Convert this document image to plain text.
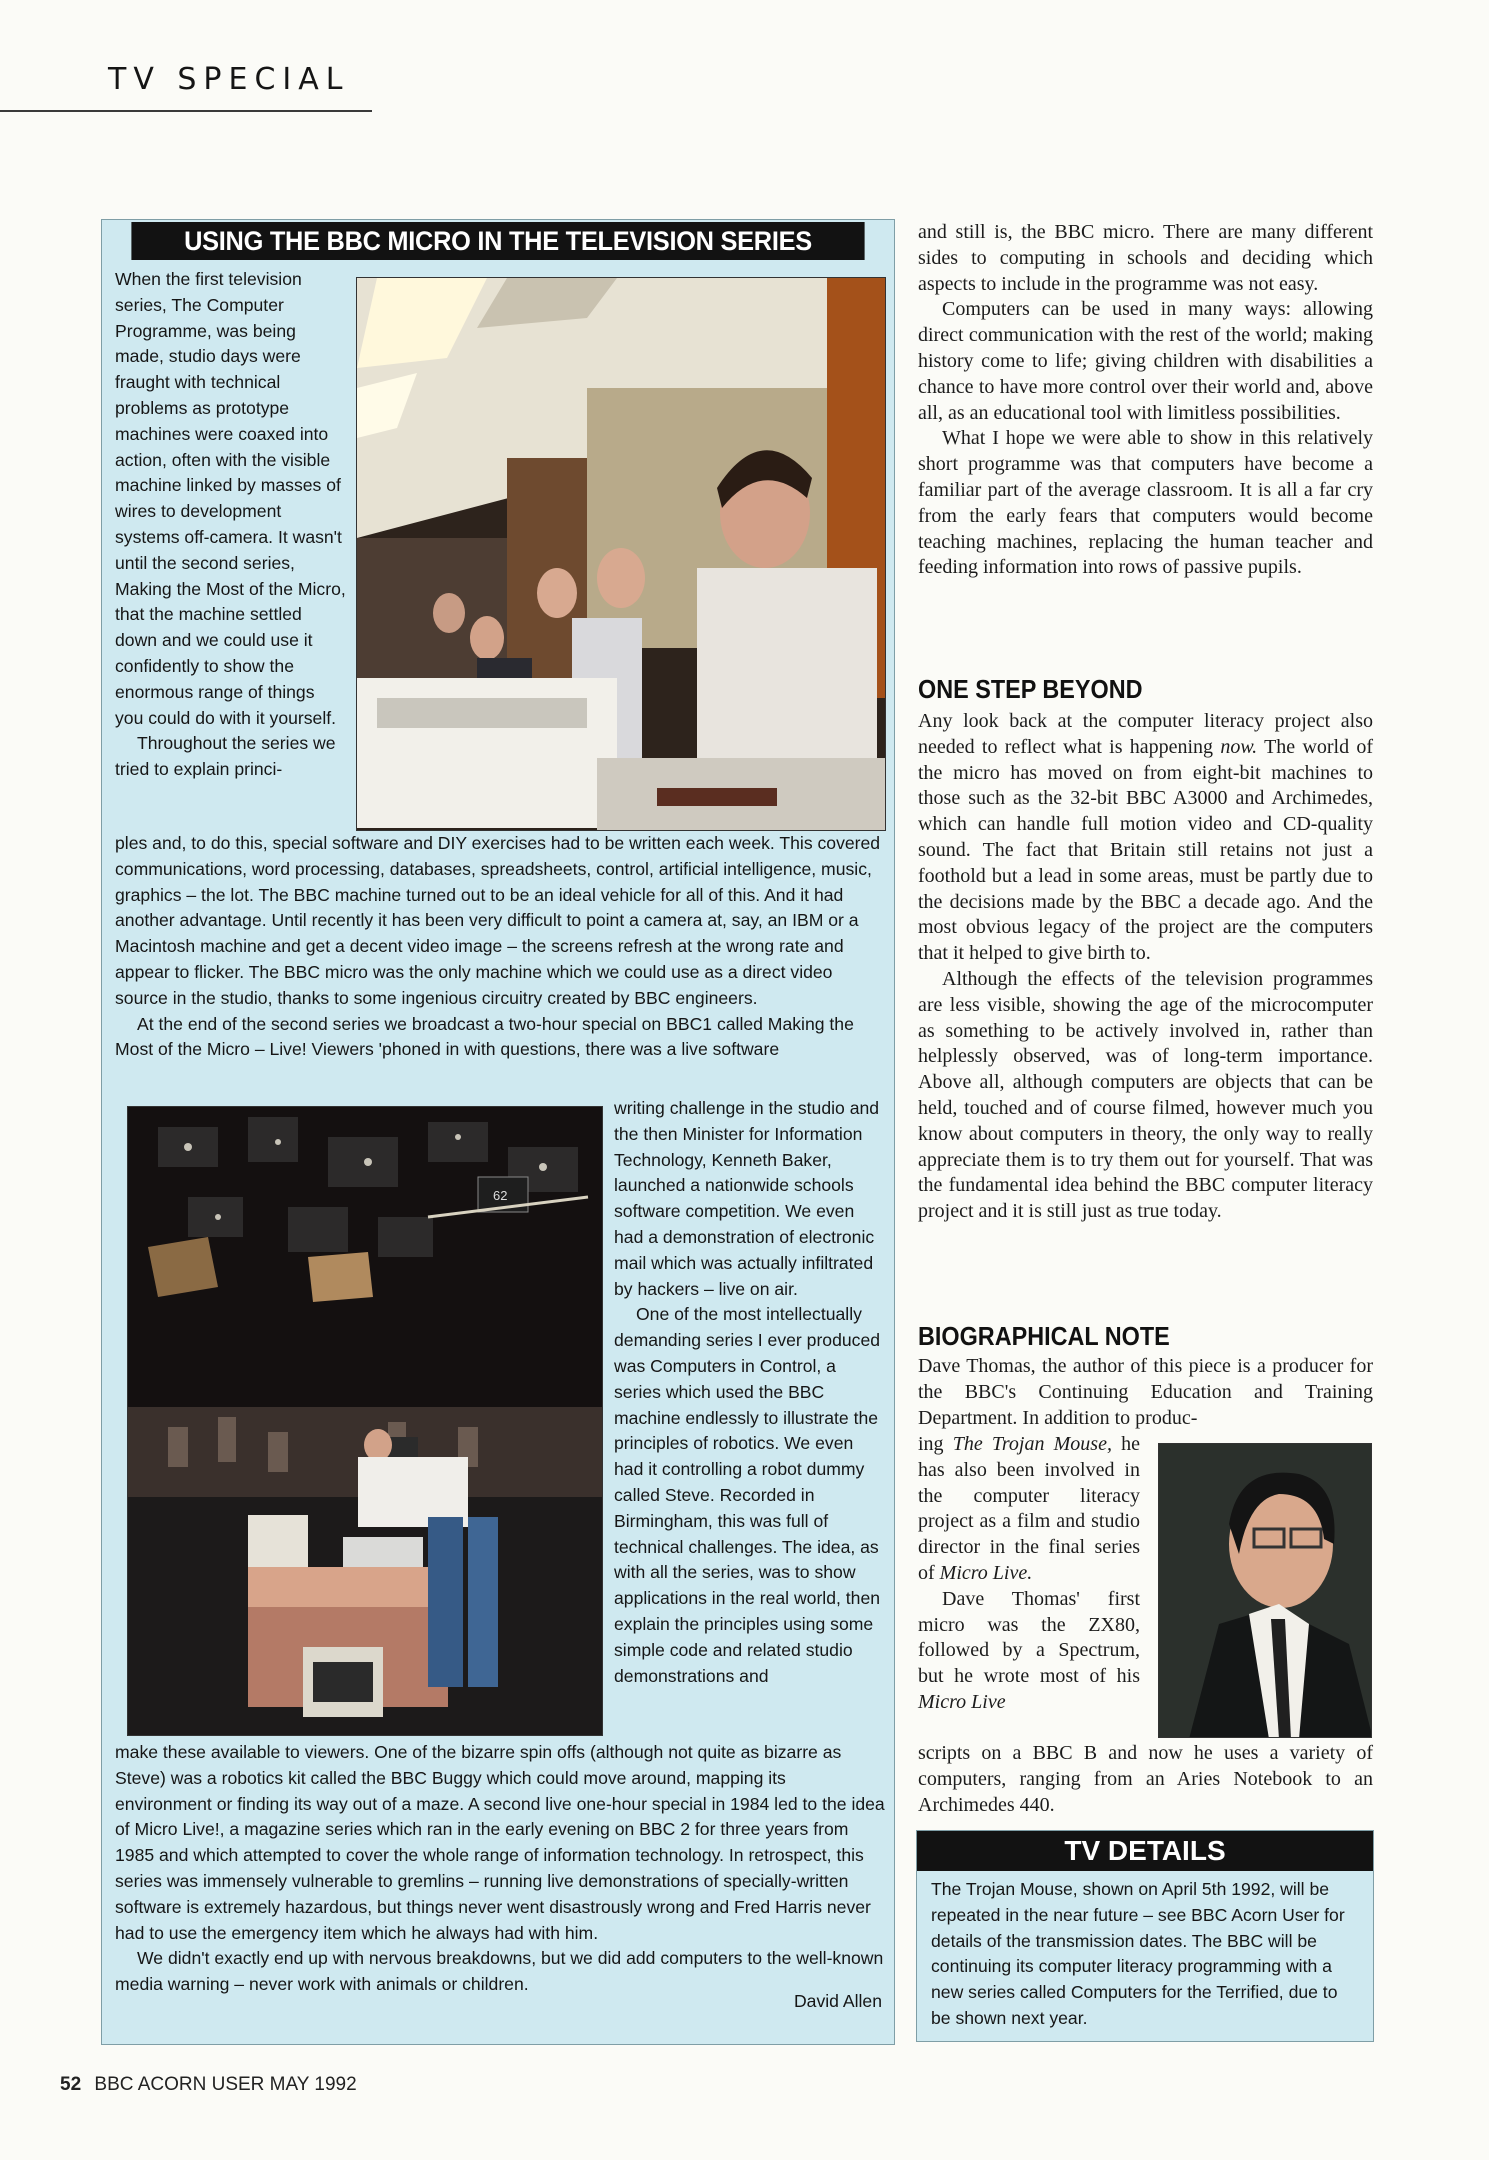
TV SPECIAL
USING THE BBC MICRO IN THE TELEVISION SERIES

When the first television series, The Computer Programme, was being made, studio days were fraught with technical problems as prototype machines were coaxed into action, often with the visible machine linked by masses of wires to development systems off-camera. It wasn't until the second series, Making the Most of the Micro, that the machine settled down and we could use it confidently to show the enormous range of things you could do with it yourself.

Throughout the series we tried to explain princi-

ples and, to do this, special software and DIY exercises had to be written each week. This covered communications, word processing, databases, spreadsheets, control, artificial intelligence, music, graphics – the lot. The BBC machine turned out to be an ideal vehicle for all of this. And it had another advantage. Until recently it has been very difficult to point a camera at, say, an IBM or a Macintosh machine and get a decent video image – the screens refresh at the wrong rate and appear to flicker. The BBC micro was the only machine which we could use as a direct video source in the studio, thanks to some ingenious circuitry created by BBC engineers.

At the end of the second series we broadcast a two-hour special on BBC1 called Making the Most of the Micro – Live! Viewers 'phoned in with questions, there was a live software

62

writing challenge in the studio and the then Minister for Information Technology, Kenneth Baker, launched a nationwide schools software competition. We even had a demonstration of electronic mail which was actually infiltrated by hackers – live on air.

One of the most intellectually demanding series I ever produced was Computers in Control, a series which used the BBC machine endlessly to illustrate the principles of robotics. We even had it controlling a robot dummy called Steve. Recorded in Birmingham, this was full of technical challenges. The idea, as with all the series, was to show applications in the real world, then explain the principles using some simple code and related studio demonstrations and

make these available to viewers. One of the bizarre spin offs (although not quite as bizarre as Steve) was a robotics kit called the BBC Buggy which could move around, mapping its environment or finding its way out of a maze. A second live one-hour special in 1984 led to the idea of Micro Live!, a magazine series which ran in the early evening on BBC 2 for three years from 1985 and which attempted to cover the whole range of information technology. In retrospect, this series was immensely vulnerable to gremlins – running live demonstrations of specially-written software is extremely hazardous, but things never went disastrously wrong and Fred Harris never had to use the emergency item which he always had with him.

We didn't exactly end up with nervous breakdowns, but we did add computers to the well-known media warning – never work with animals or children.

David Allen

and still is, the BBC micro. There are many different sides to computing in schools and deciding which aspects to include in the programme was not easy.

Computers can be used in many ways: allowing direct communication with the rest of the world; making history come to life; giving children with disabilities a chance to have more control over their world and, above all, as an educational tool with limitless possibilities.

What I hope we were able to show in this relatively short programme was that computers have become a familiar part of the average classroom. It is all a far cry from the early fears that computers would become teaching machines, replacing the human teacher and feeding information into rows of passive pupils.

ONE STEP BEYOND

Any look back at the computer literacy project also needed to reflect what is happening now. The world of the micro has moved on from eight-bit machines to those such as the 32-bit BBC A3000 and Archimedes, which can handle full motion video and CD-quality sound. The fact that Britain still retains not just a foothold but a lead in some areas, must be partly due to the decisions made by the BBC a decade ago. And the most obvious legacy of the project are the computers that it helped to give birth to.

Although the effects of the television programmes are less visible, showing the age of the microcomputer as something to be actively involved in, rather than helplessly observed, was of long-term importance. Above all, although computers are objects that can be held, touched and of course filmed, however much you know about computers in theory, the only way to really appreciate them is to try them out for yourself. That was the fundamental idea behind the BBC computer literacy project and it is still just as true today.

BIOGRAPHICAL NOTE

Dave Thomas, the author of this piece is a producer for the BBC's Continuing Education and Training Department. In addition to produc-

ing The Trojan Mouse, he has also been involved in the computer literacy project as a film and studio director in the final series of Micro Live.

Dave Thomas' first micro was the ZX80, followed by a Spectrum, but he wrote most of his Micro Live

scripts on a BBC B and now he uses a variety of computers, ranging from an Aries Notebook to an Archimedes 440.

TV DETAILS
The Trojan Mouse, shown on April 5th 1992, will be repeated in the near future – see BBC Acorn User for details of the transmission dates. The BBC will be continuing its computer literacy programming with a new series called Computers for the Terrified, due to be shown next year.
52 BBC ACORN USER MAY 1992
